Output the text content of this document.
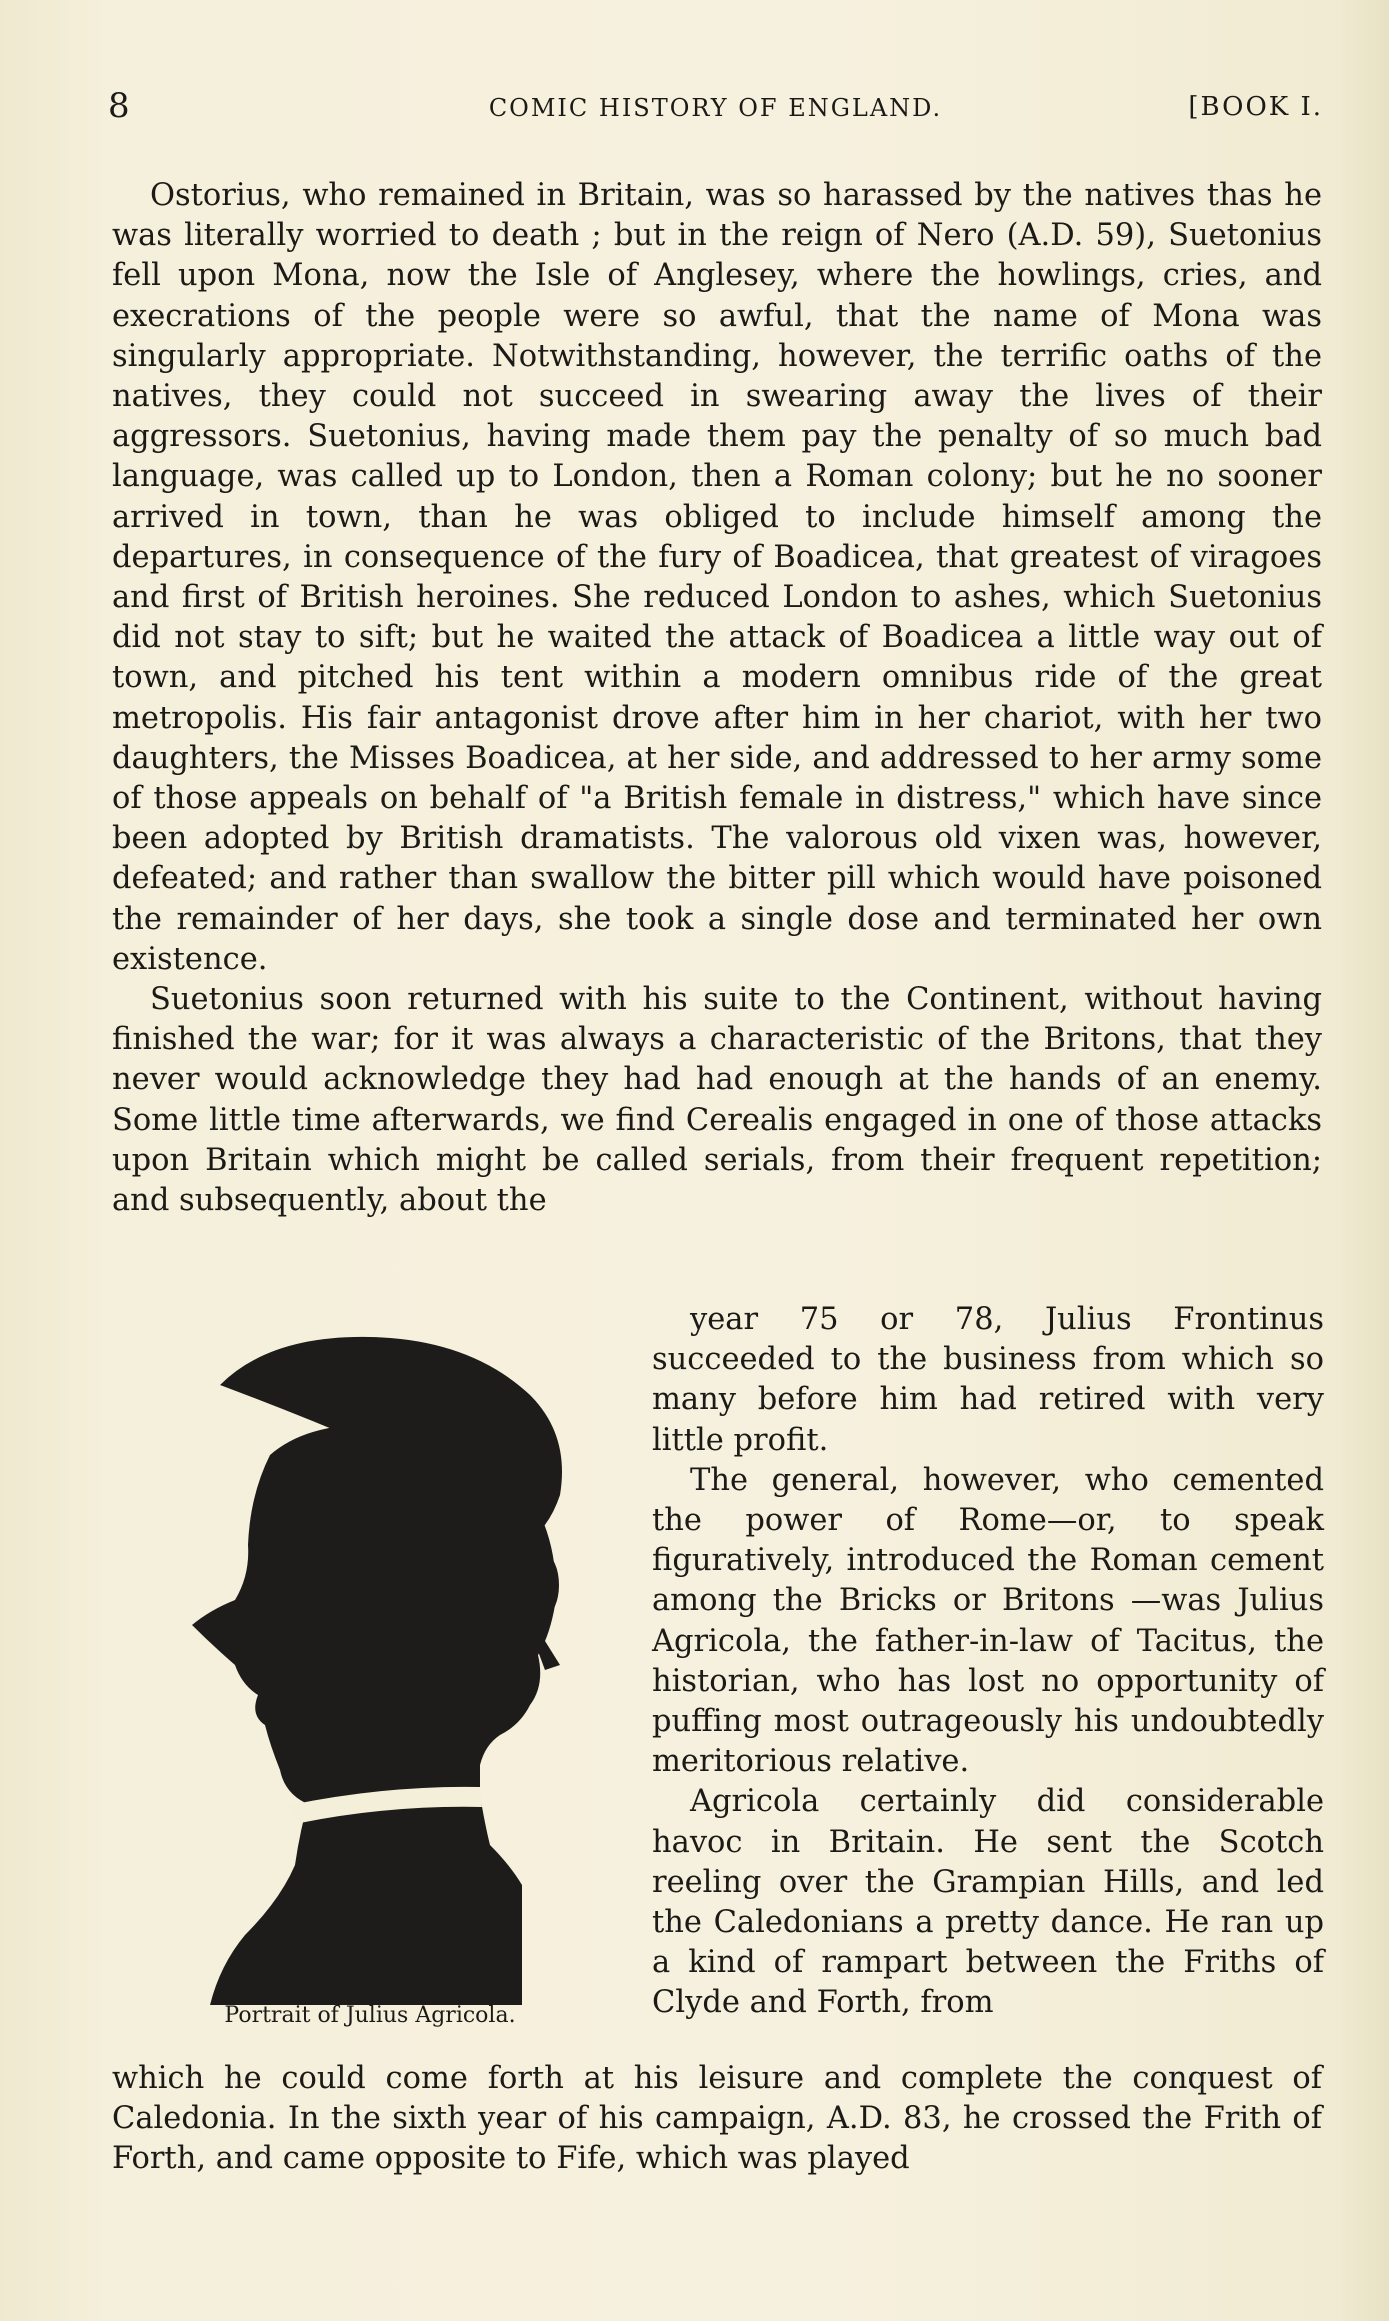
8	COMIC HISTORY OF ENGLAND.	[BOOK I.

Ostorius, who remained in Britain, was so harassed by the natives thas he was literally worried to death ; but in the reign of Nero (A.D. 59), Suetonius fell upon Mona, now the Isle of Anglesey, where the howlings, cries, and execrations of the people were so awful, that the name of Mona was singularly appropriate. Notwithstanding, however, the terrific oaths of the natives, they could not succeed in swearing away the lives of their aggressors. Suetonius, having made them pay the penalty of so much bad language, was called up to London, then a Roman colony; but he no sooner arrived in town, than he was obliged to include himself among the departures, in consequence of the fury of Boadicea, that greatest of viragoes and first of British heroines. She reduced London to ashes, which Suetonius did not stay to sift; but he waited the attack of Boadicea a little way out of town, and pitched his tent within a modern omnibus ride of the great metropolis. His fair antagonist drove after him in her chariot, with her two daughters, the Misses Boadicea, at her side, and addressed to her army some of those appeals on behalf of "a British female in distress," which have since been adopted by British dramatists. The valorous old vixen was, however, defeated; and rather than swallow the bitter pill which would have poisoned the remainder of her days, she took a single dose and terminated her own existence.

Suetonius soon returned with his suite to the Continent, without having finished the war; for it was always a characteristic of the Britons, that they never would acknowledge they had had enough at the hands of an enemy. Some little time afterwards, we find Cerealis engaged in one of those attacks upon Britain which might be called serials, from their frequent repetition; and subsequently, about the

Portrait of Julius Agricola.

year 75 or 78, Julius Frontinus succeeded to the business from which so many before him had retired with very little profit.

The general, however, who cemented the power of Rome—or, to speak figuratively, introduced the Roman cement among the Bricks or Britons —was Julius Agricola, the father-in-law of Tacitus, the historian, who has lost no opportunity of puffing most outrageously his undoubtedly meritorious relative.

Agricola certainly did considerable havoc in Britain. He sent the Scotch reeling over the Grampian Hills, and led the Caledonians a pretty dance. He ran up a kind of rampart between the Friths of Clyde and Forth, from

which he could come forth at his leisure and complete the conquest of Caledonia. In the sixth year of his campaign, A.D. 83, he crossed the Frith of Forth, and came opposite to Fife, which was played
